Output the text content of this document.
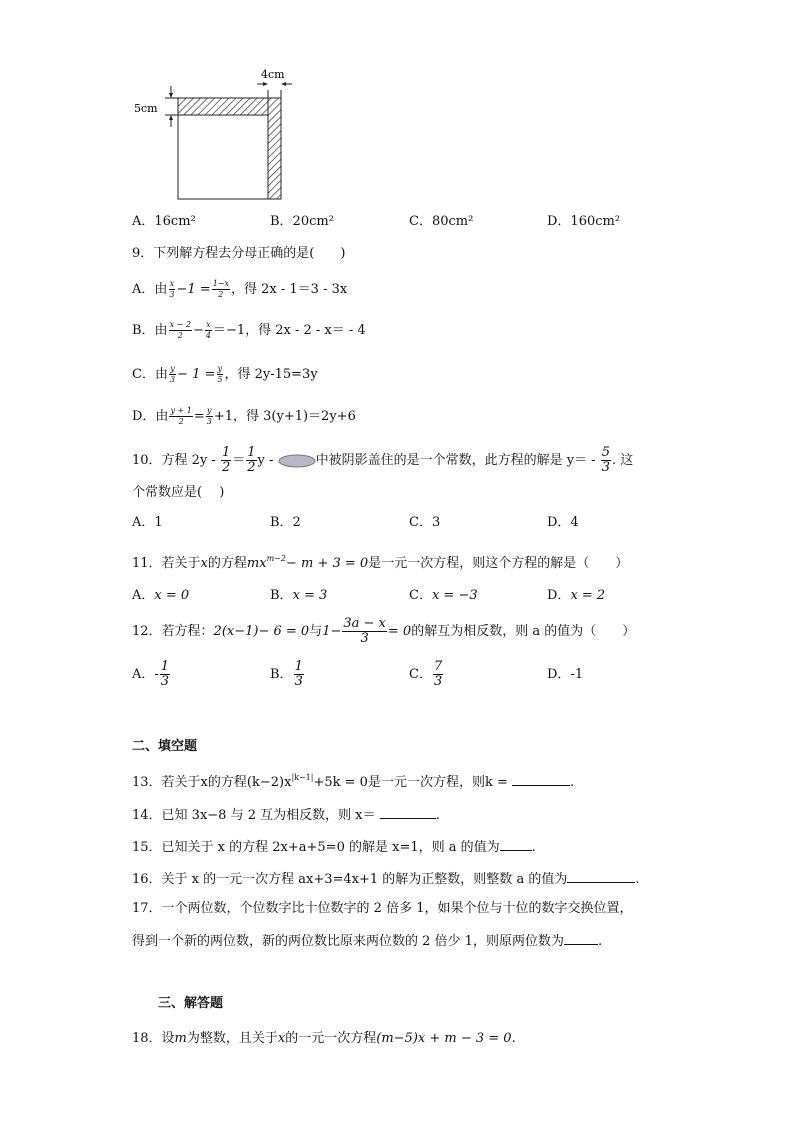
4cm
5cm
A．16cm²	B．20cm²	C．80cm²	D．160cm²
9．下列解方程去分母正确的是(　　)
A．由 $\frac{x}{3} -1 = \frac{1-x}{2}$ ，得 2x - 1＝3 - 3x
B．由 $\frac{x - 2}{2} - \frac{x}{4} =-1$，得 2x - 2 - x＝ - 4
C．由 $\frac{y}{3} - 1 = \frac{y}{5}$ ，得 2y-15=3y
D．由 $\frac{y + 1}{2} = \frac{y}{3} +1$，得 3(y+1)＝2y+6
10．方程 $2y - \frac{1}{2} = \frac{1}{2}$ y -	中被阴影盖住的是一个常数，此方程的解是 $y= - \frac{5}{3}$ . 这
个常数应是(　 )
A．1	B．2	C．3	D．4
11．若关于x的方程$mx^{m-2}- m + 3 = 0$是一元一次方程，则这个方程的解是（　　）
A．x = 0	B．x = 3	C．x = −3	D．x = 2
12．若方程：2(x−1)− 6 = 0与$1- \frac{3a - x}{3} = 0$的解互为相反数，则 a 的值为（　　）
A．- $\frac{1}{3}$	B． $\frac{1}{3}$	C． $\frac{7}{3}$	D．-1
二、填空题
13．若关于x的方程$(k-2)x^{|k-1|}+5k = 0$是一元一次方程，则k =	.
14．已知 3x−8 与 2 互为相反数，则 x＝	.
15．已知关于 x 的方程 2x+a+5=0 的解是 x=1，则 a 的值为 .
16．关于 x 的一元一次方程 ax+3=4x+1 的解为正整数，则整数 a 的值为	.
17．一个两位数，个位数字比十位数字的 2 倍多 1，如果个位与十位的数字交换位置，
得到一个新的两位数，新的两位数比原来两位数的 2 倍少 1，则原两位数为	.
三、解答题
18．设m为整数，且关于x的一元一次方程(m−5)x + m − 3 = 0.
